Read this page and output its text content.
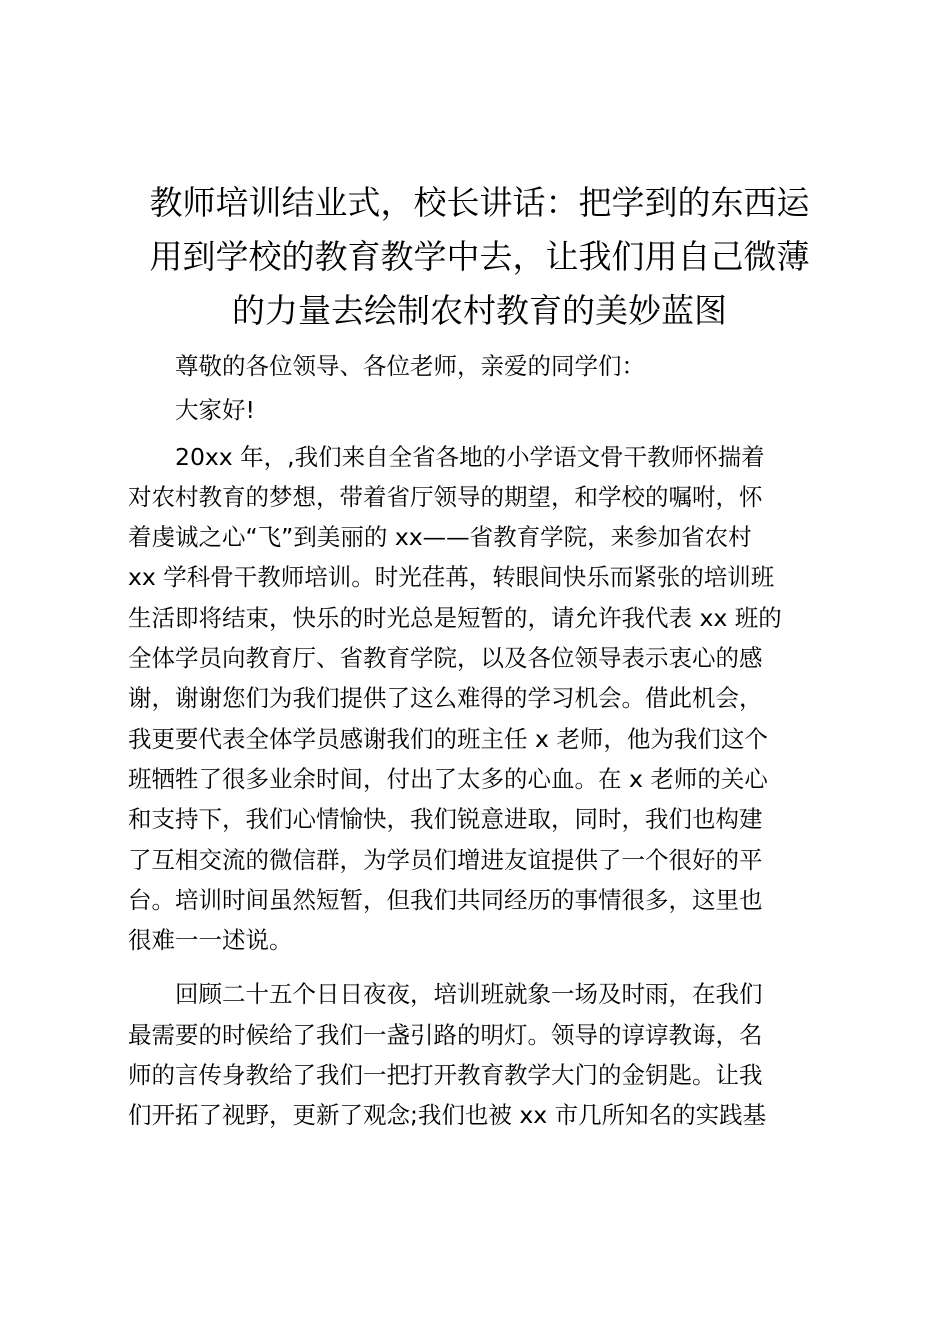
教师培训结业式，校长讲话：把学到的东西运
用到学校的教育教学中去，让我们用自己微薄
的力量去绘制农村教育的美妙蓝图

尊敬的各位领导、各位老师，亲爱的同学们：

大家好!

20xx 年，,我们来自全省各地的小学语文骨干教师怀揣着
对农村教育的梦想，带着省厅领导的期望，和学校的嘱咐，怀
着虔诚之心“飞”到美丽的 xx——省教育学院，来参加省农村
xx 学科骨干教师培训。时光荏苒，转眼间快乐而紧张的培训班
生活即将结束，快乐的时光总是短暂的，请允许我代表 xx 班的
全体学员向教育厅、省教育学院，以及各位领导表示衷心的感
谢，谢谢您们为我们提供了这么难得的学习机会。借此机会，
我更要代表全体学员感谢我们的班主任 x 老师，他为我们这个
班牺牲了很多业余时间，付出了太多的心血。在 x 老师的关心
和支持下，我们心情愉快，我们锐意进取，同时，我们也构建
了互相交流的微信群，为学员们增进友谊提供了一个很好的平
台。培训时间虽然短暂，但我们共同经历的事情很多，这里也
很难一一述说。
回顾二十五个日日夜夜，培训班就象一场及时雨，在我们
最需要的时候给了我们一盏引路的明灯。领导的谆谆教诲，名
师的言传身教给了我们一把打开教育教学大门的金钥匙。让我
们开拓了视野，更新了观念;我们也被 xx 市几所知名的实践基
